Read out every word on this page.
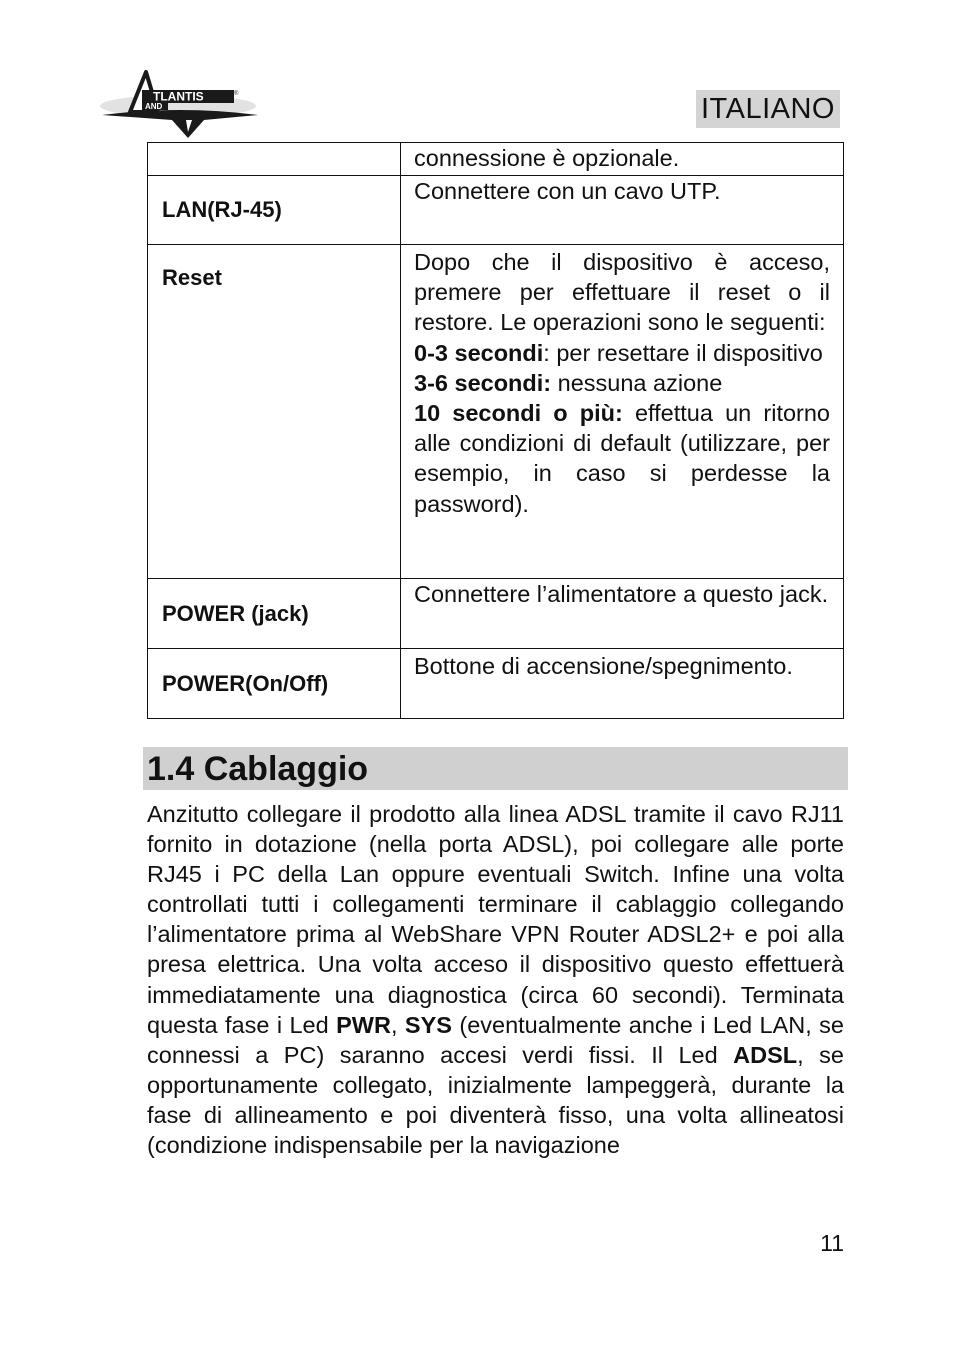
TLANTIS
AND
®	ITALIANO

	connessione è opzionale.

LAN(RJ-45)	Connettere con un cavo UTP.

Reset	Dopo che il dispositivo è acceso, premere per effettuare il reset o il restore. Le operazioni sono le seguenti:

0-3 secondi: per resettare il dispositivo

3-6 secondi: nessuna azione

10 secondi o più: effettua un ritorno alle condizioni di default (utilizzare, per esempio, in caso si perdesse la password).

POWER (jack)	Connettere l’alimentatore a questo jack.

POWER(On/Off)	Bottone di accensione/spegnimento.

1.4 Cablaggio

Anzitutto collegare il prodotto alla linea ADSL tramite il cavo RJ11 fornito in dotazione (nella porta ADSL), poi collegare alle porte RJ45 i PC della Lan oppure eventuali Switch. Infine una volta controllati tutti i collegamenti terminare il cablaggio collegando l’alimentatore prima al WebShare VPN Router ADSL2+ e poi alla presa elettrica. Una volta acceso il dispositivo questo effettuerà immediatamente una diagnostica (circa 60 secondi). Terminata questa fase i Led PWR, SYS (eventualmente anche i Led LAN, se connessi a PC) saranno accesi verdi fissi. Il Led ADSL, se opportunamente collegato, inizialmente lampeggerà, durante la fase di allineamento e poi diventerà fisso, una volta allineatosi (condizione indispensabile per la navigazione

11
